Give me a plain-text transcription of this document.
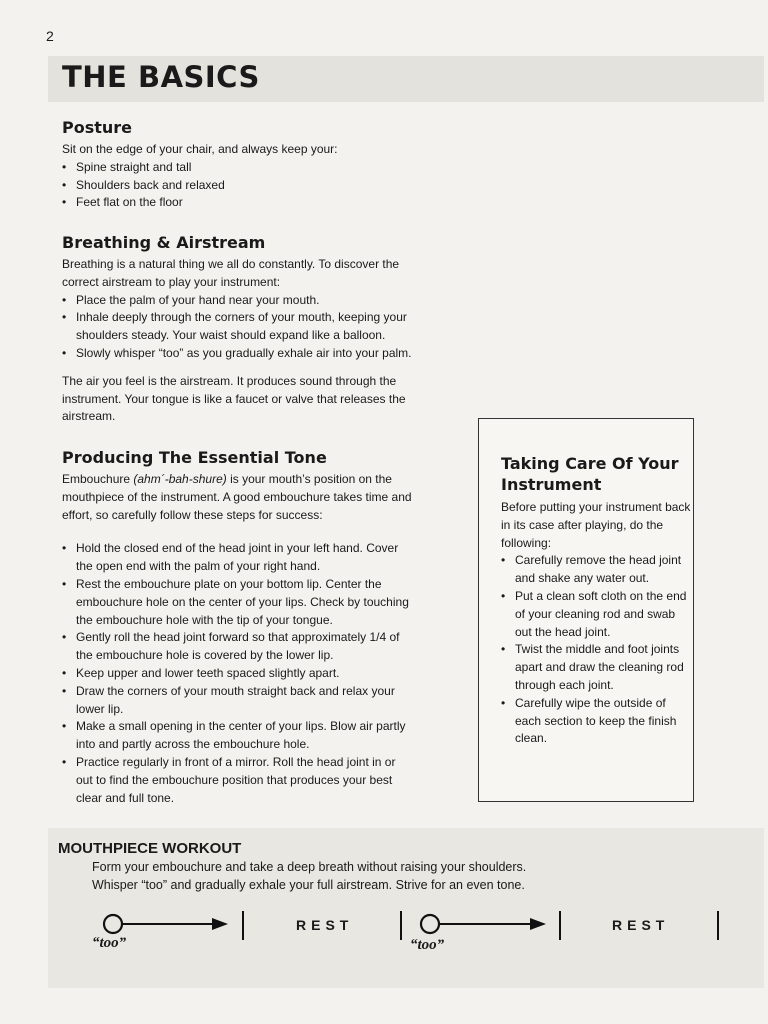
2
THE BASICS
Posture

Sit on the edge of your chair, and always keep your:

• Spine straight and tall
• Shoulders back and relaxed
• Feet flat on the floor
Breathing & Airstream

Breathing is a natural thing we all do constantly. To discover the correct airstream to play your instrument:

• Place the palm of your hand near your mouth.
• Inhale deeply through the corners of your mouth, keeping your shoulders steady. Your waist should expand like a balloon.
• Slowly whisper “too” as you gradually exhale air into your palm.

The air you feel is the airstream. It produces sound through the instrument. Your tongue is like a faucet or valve that releases the airstream.

Producing The Essential Tone

Embouchure (ahm´-bah-shure) is your mouth’s position on the mouthpiece of the instrument. A good embouchure takes time and effort, so carefully follow these steps for success:

• Hold the closed end of the head joint in your left hand. Cover the open end with the palm of your right hand.
• Rest the embouchure plate on your bottom lip. Center the embouchure hole on the center of your lips. Check by touching the embouchure hole with the tip of your tongue.
• Gently roll the head joint forward so that approximately 1/4 of the embouchure hole is covered by the lower lip.
• Keep upper and lower teeth spaced slightly apart.
• Draw the corners of your mouth straight back and relax your lower lip.
• Make a small opening in the center of your lips. Blow air partly into and partly across the embouchure hole.
• Practice regularly in front of a mirror. Roll the head joint in or out to find the embouchure position that produces your best clear and full tone.
Taking Care Of Your Instrument

Before putting your instrument back in its case after playing, do the following:

• Carefully remove the head joint and shake any water out.
• Put a clean soft cloth on the end of your cleaning rod and swab out the head joint.
• Twist the middle and foot joints apart and draw the cleaning rod through each joint.
• Carefully wipe the outside of each section to keep the finish clean.
MOUTHPIECE WORKOUT

Form your embouchure and take a deep breath without raising your shoulders.

Whisper “too” and gradually exhale your full airstream. Strive for an even tone.

REST	REST
“too”	“too”
